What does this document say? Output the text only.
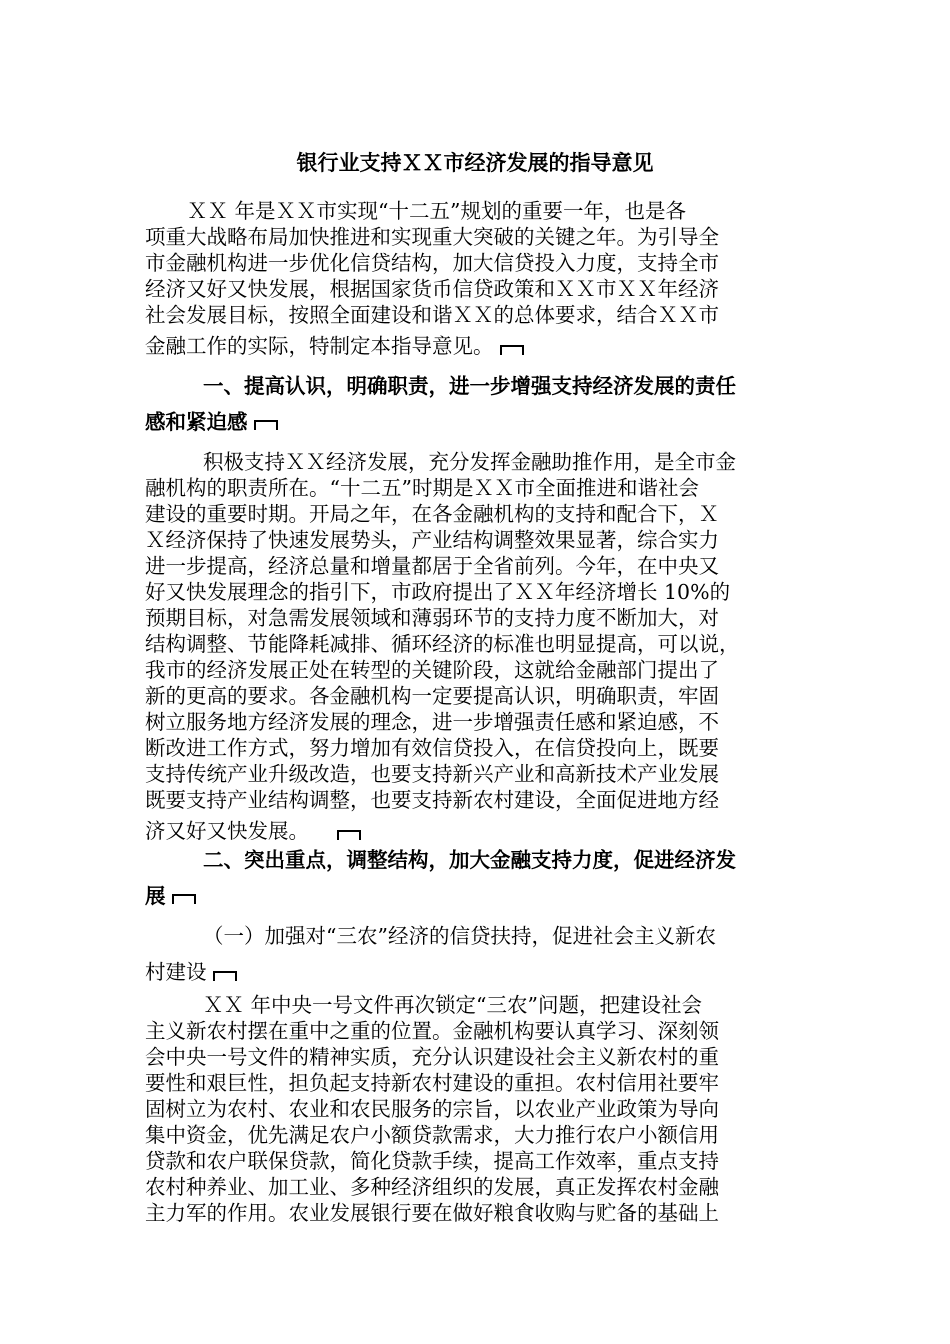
银行业支持ＸＸ市经济发展的指导意见
ＸＸ 年是ＸＸ市实现“十二五”规划的重要一年，也是各
项重大战略布局加快推进和实现重大突破的关键之年。为引导全
市金融机构进一步优化信贷结构，加大信贷投入力度，支持全市
经济又好又快发展，根据国家货币信贷政策和ＸＸ市ＸＸ年经济
社会发展目标，按照全面建设和谐ＸＸ的总体要求，结合ＸＸ市
金融工作的实际，特制定本指导意见。
一、提高认识，明确职责，进一步增强支持经济发展的责任
感和紧迫感
积极支持ＸＸ经济发展，充分发挥金融助推作用，是全市金
融机构的职责所在。“十二五”时期是ＸＸ市全面推进和谐社会
建设的重要时期。开局之年，在各金融机构的支持和配合下，Ｘ
Ｘ经济保持了快速发展势头，产业结构调整效果显著，综合实力
进一步提高，经济总量和增量都居于全省前列。今年，在中央又
好又快发展理念的指引下，市政府提出了ＸＸ年经济增长 10%的
预期目标，对急需发展领域和薄弱环节的支持力度不断加大，对
结构调整、节能降耗减排、循环经济的标准也明显提高，可以说，
我市的经济发展正处在转型的关键阶段，这就给金融部门提出了
新的更高的要求。各金融机构一定要提高认识，明确职责，牢固
树立服务地方经济发展的理念，进一步增强责任感和紧迫感，不
断改进工作方式，努力增加有效信贷投入，在信贷投向上，既要
支持传统产业升级改造，也要支持新兴产业和高新技术产业发展
既要支持产业结构调整，也要支持新农村建设，全面促进地方经
济又好又快发展。
二、突出重点，调整结构，加大金融支持力度，促进经济发
展
（一）加强对“三农”经济的信贷扶持，促进社会主义新农
村建设
ＸＸ 年中央一号文件再次锁定“三农”问题，把建设社会
主义新农村摆在重中之重的位置。金融机构要认真学习、深刻领
会中央一号文件的精神实质，充分认识建设社会主义新农村的重
要性和艰巨性，担负起支持新农村建设的重担。农村信用社要牢
固树立为农村、农业和农民服务的宗旨，以农业产业政策为导向
集中资金，优先满足农户小额贷款需求，大力推行农户小额信用
贷款和农户联保贷款，简化贷款手续，提高工作效率，重点支持
农村种养业、加工业、多种经济组织的发展，真正发挥农村金融
主力军的作用。农业发展银行要在做好粮食收购与贮备的基础上
